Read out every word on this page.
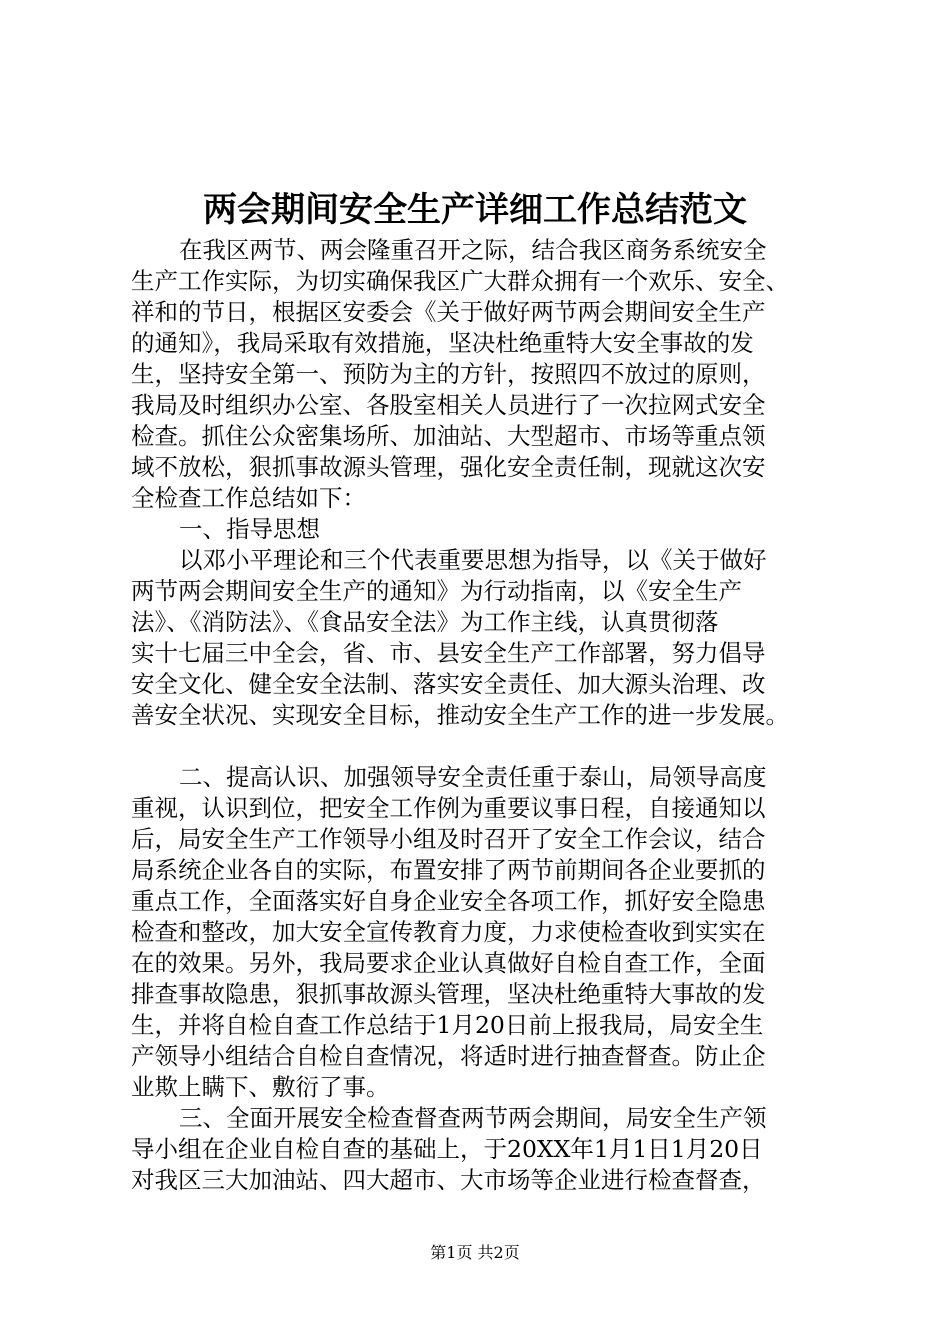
两会期间安全生产详细工作总结范文
在我区两节、两会隆重召开之际，结合我区商务系统安全
生产工作实际，为切实确保我区广大群众拥有一个欢乐、安全、
祥和的节日，根据区安委会《关于做好两节两会期间安全生产
的通知》，我局采取有效措施，坚决杜绝重特大安全事故的发
生，坚持安全第一、预防为主的方针，按照四不放过的原则，
我局及时组织办公室、各股室相关人员进行了一次拉网式安全
检查。抓住公众密集场所、加油站、大型超市、市场等重点领
域不放松，狠抓事故源头管理，强化安全责任制，现就这次安
全检查工作总结如下：
一、指导思想
以邓小平理论和三个代表重要思想为指导，以《关于做好
两节两会期间安全生产的通知》为行动指南，以《安全生产
法》、《消防法》、《食品安全法》为工作主线，认真贯彻落
实十七届三中全会，省、市、县安全生产工作部署，努力倡导
安全文化、健全安全法制、落实安全责任、加大源头治理、改
善安全状况、实现安全目标，推动安全生产工作的进一步发展。
二、提高认识、加强领导安全责任重于泰山，局领导高度
重视，认识到位，把安全工作例为重要议事日程，自接通知以
后，局安全生产工作领导小组及时召开了安全工作会议，结合
局系统企业各自的实际，布置安排了两节前期间各企业要抓的
重点工作，全面落实好自身企业安全各项工作，抓好安全隐患
检查和整改，加大安全宣传教育力度，力求使检查收到实实在
在的效果。另外，我局要求企业认真做好自检自查工作，全面
排查事故隐患，狠抓事故源头管理，坚决杜绝重特大事故的发
生，并将自检自查工作总结于1月20日前上报我局，局安全生
产领导小组结合自检自查情况，将适时进行抽查督查。防止企
业欺上瞒下、敷衍了事。
三、全面开展安全检查督查两节两会期间，局安全生产领
导小组在企业自检自查的基础上，于20XX年1月1日1月20日
对我区三大加油站、四大超市、大市场等企业进行检查督查，
第1页 共2页
